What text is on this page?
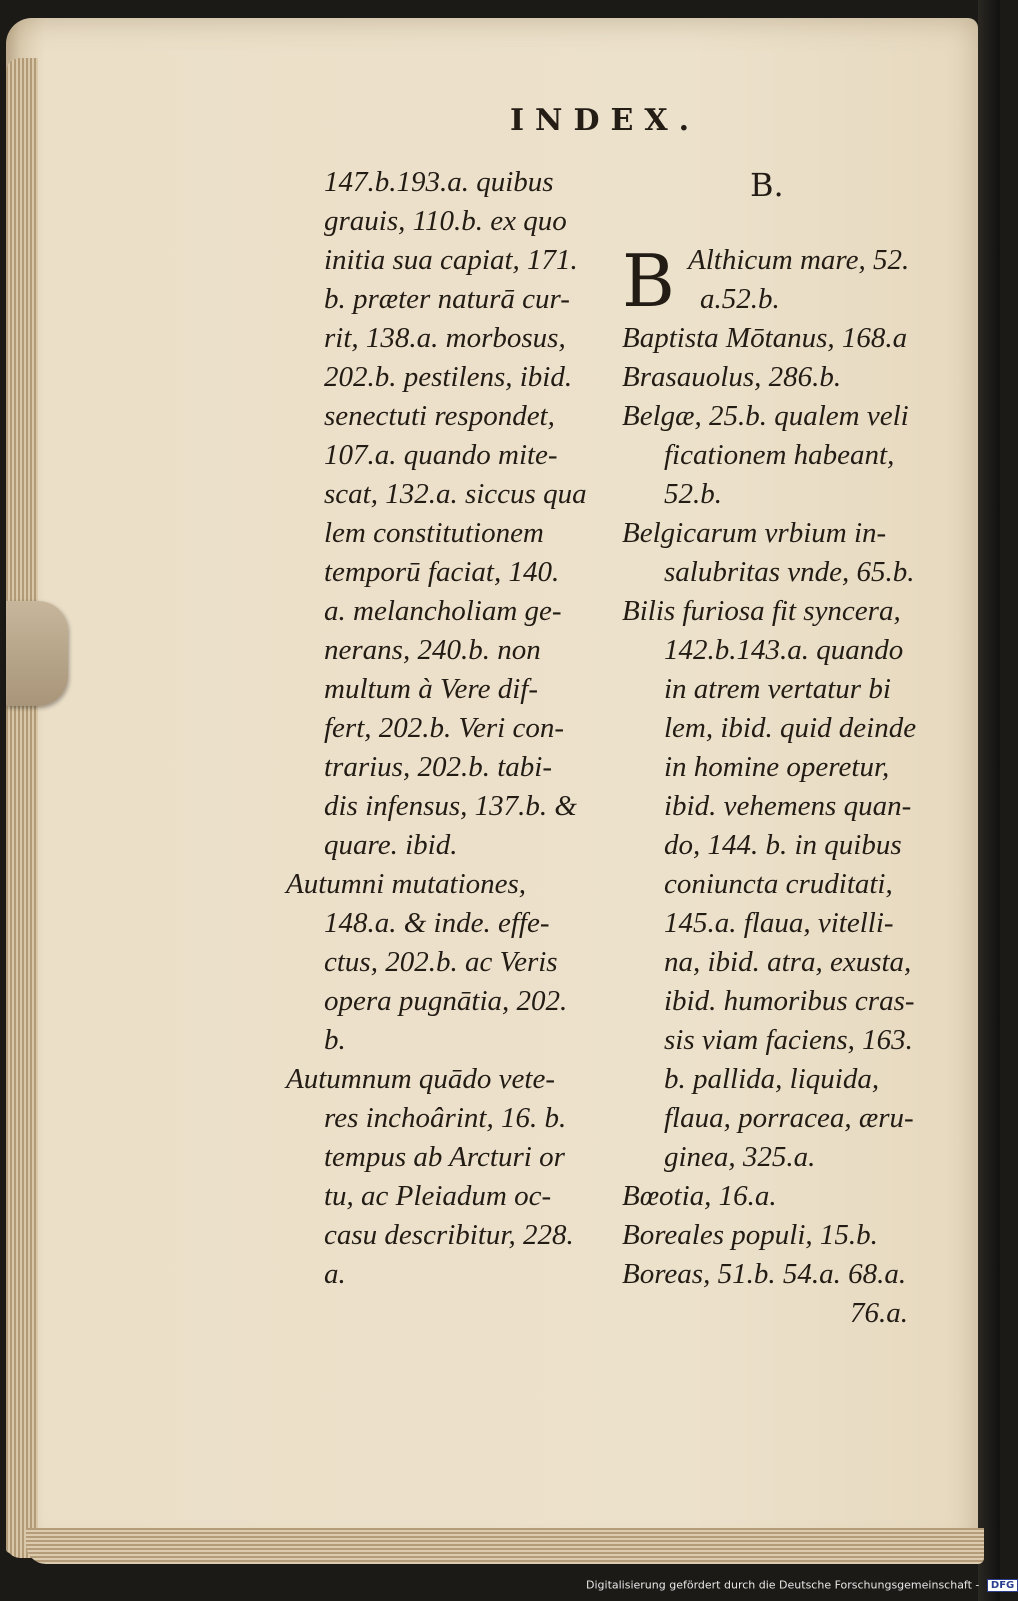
INDEX.
147.b.193.a. quibus
grauis, 110.b. ex quo
initia sua capiat, 171.
b. præter naturā cur-
rit, 138.a. morbosus,
202.b. pestilens, ibid.
senectuti respondet,
107.a. quando mite-
scat, 132.a. siccus qua
lem constitutionem
temporū faciat, 140.
a. melancholiam ge-
nerans, 240.b. non
multum à Vere dif-
fert, 202.b. Veri con-
trarius, 202.b. tabi-
dis infensus, 137.b. &
quare. ibid.
Autumni mutationes,
148.a. & inde. effe-
ctus, 202.b. ac Veris
opera pugnātia, 202.
b.
Autumnum quādo vete-
res inchoârint, 16. b.
tempus ab Arcturi or
tu, ac Pleiadum oc-
casu describitur, 228.
a.
B.
B Althicum mare, 52.
a.52.b.
Baptista Mōtanus, 168.a
Brasauolus, 286.b.
Belgæ, 25.b. qualem veli
ficationem habeant,
52.b.
Belgicarum vrbium in-
salubritas vnde, 65.b.
Bilis furiosa fit syncera,
142.b.143.a. quando
in atrem vertatur bi
lem, ibid. quid deinde
in homine operetur,
ibid. vehemens quan-
do, 144. b. in quibus
coniuncta cruditati,
145.a. flaua, vitelli-
na, ibid. atra, exusta,
ibid. humoribus cras-
sis viam faciens, 163.
b. pallida, liquida,
flaua, porracea, æru-
ginea, 325.a.
Bœotia, 16.a.
Boreales populi, 15.b.
Boreas, 51.b. 54.a. 68.a.
76.a.
Digitalisierung gefördert durch die Deutsche Forschungsgemeinschaft - DFG
